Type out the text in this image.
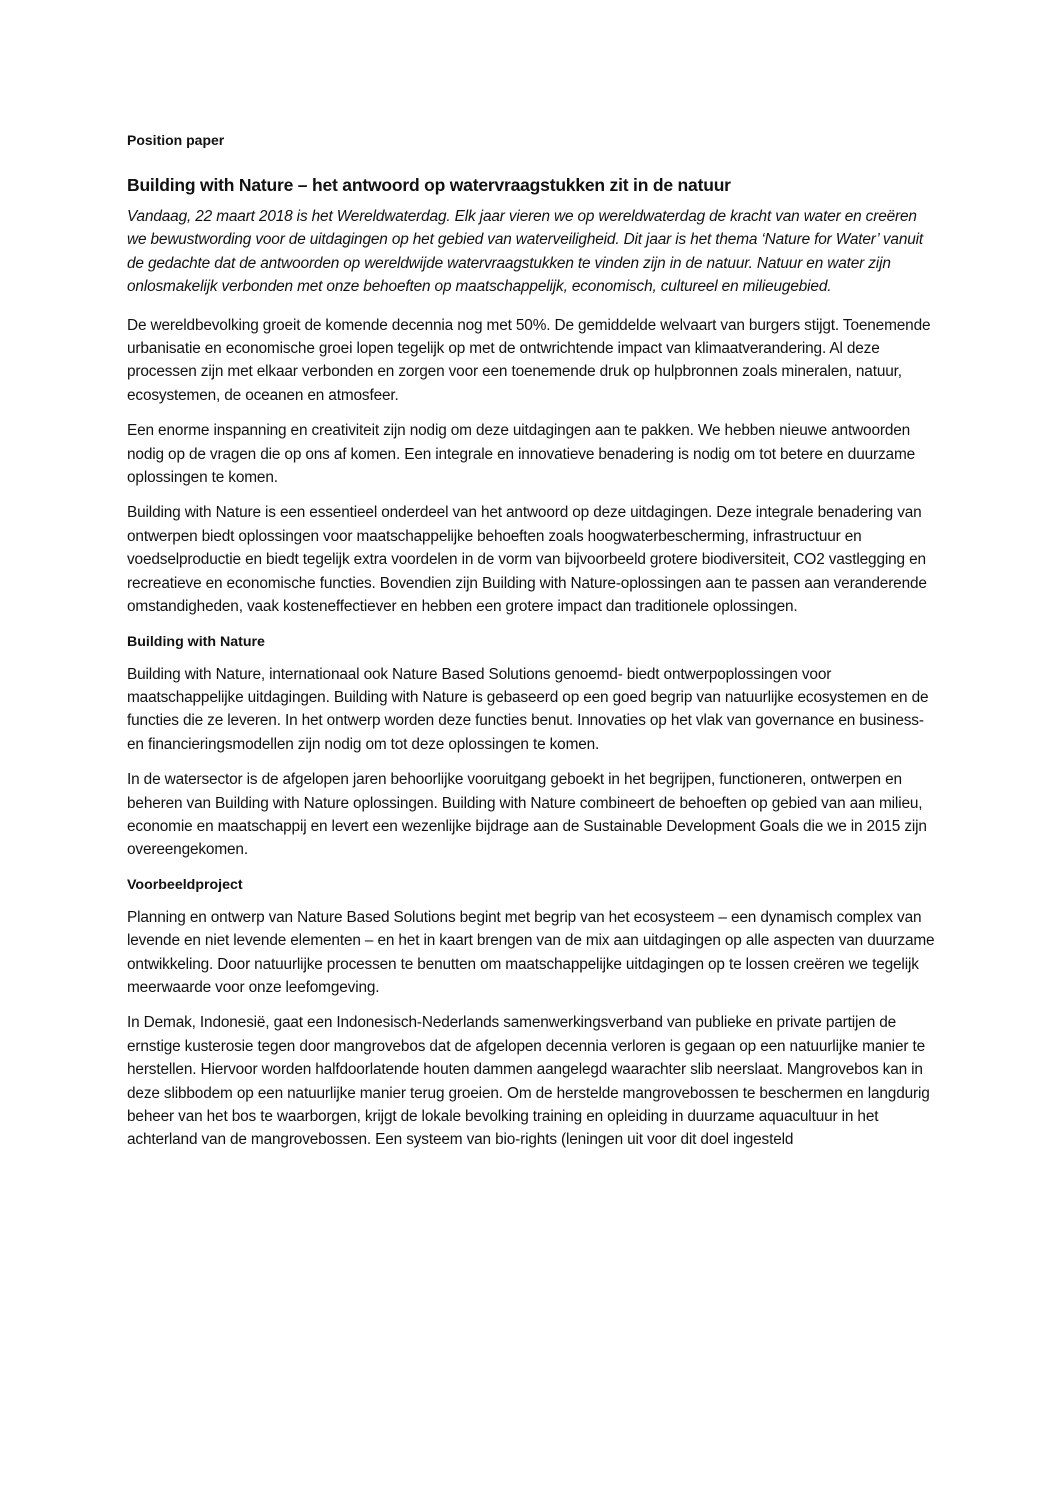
Position paper
Building with Nature – het antwoord op watervraagstukken zit in de natuur

Vandaag, 22 maart 2018 is het Wereldwaterdag. Elk jaar vieren we op wereldwaterdag de kracht van water en creëren we bewustwording voor de uitdagingen op het gebied van waterveiligheid. Dit jaar is het thema ‘Nature for Water’ vanuit de gedachte dat de antwoorden op wereldwijde watervraagstukken te vinden zijn in de natuur. Natuur en water zijn onlosmakelijk verbonden met onze behoeften op maatschappelijk, economisch, cultureel en milieugebied.

De wereldbevolking groeit de komende decennia nog met 50%. De gemiddelde welvaart van burgers stijgt. Toenemende urbanisatie en economische groei lopen tegelijk op met de ontwrichtende impact van klimaatverandering. Al deze processen zijn met elkaar verbonden en zorgen voor een toenemende druk op hulpbronnen zoals mineralen, natuur, ecosystemen, de oceanen en atmosfeer.

Een enorme inspanning en creativiteit zijn nodig om deze uitdagingen aan te pakken. We hebben nieuwe antwoorden nodig op de vragen die op ons af komen. Een integrale en innovatieve benadering is nodig om tot betere en duurzame oplossingen te komen.

Building with Nature is een essentieel onderdeel van het antwoord op deze uitdagingen. Deze integrale benadering van ontwerpen biedt oplossingen voor maatschappelijke behoeften zoals hoogwaterbescherming, infrastructuur en voedselproductie en biedt tegelijk extra voordelen in de vorm van bijvoorbeeld grotere biodiversiteit, CO2 vastlegging en recreatieve en economische functies. Bovendien zijn Building with Nature-oplossingen aan te passen aan veranderende omstandigheden, vaak kosteneffectiever en hebben een grotere impact dan traditionele oplossingen.

Building with Nature

Building with Nature, internationaal ook Nature Based Solutions genoemd- biedt ontwerpoplossingen voor maatschappelijke uitdagingen. Building with Nature is gebaseerd op een goed begrip van natuurlijke ecosystemen en de functies die ze leveren. In het ontwerp worden deze functies benut. Innovaties op het vlak van governance en business- en financieringsmodellen zijn nodig om tot deze oplossingen te komen.

In de watersector is de afgelopen jaren behoorlijke vooruitgang geboekt in het begrijpen, functioneren, ontwerpen en beheren van Building with Nature oplossingen. Building with Nature combineert de behoeften op gebied van aan milieu, economie en maatschappij en levert een wezenlijke bijdrage aan de Sustainable Development Goals die we in 2015 zijn overeengekomen.

Voorbeeldproject

Planning en ontwerp van Nature Based Solutions begint met begrip van het ecosysteem – een dynamisch complex van levende en niet levende elementen – en het in kaart brengen van de mix aan uitdagingen op alle aspecten van duurzame ontwikkeling. Door natuurlijke processen te benutten om maatschappelijke uitdagingen op te lossen creëren we tegelijk meerwaarde voor onze leefomgeving.

In Demak, Indonesië, gaat een Indonesisch-Nederlands samenwerkingsverband van publieke en private partijen de ernstige kusterosie tegen door mangrovebos dat de afgelopen decennia verloren is gegaan op een natuurlijke manier te herstellen. Hiervoor worden halfdoorlatende houten dammen aangelegd waarachter slib neerslaat. Mangrovebos kan in deze slibbodem op een natuurlijke manier terug groeien. Om de herstelde mangrovebossen te beschermen en langdurig beheer van het bos te waarborgen, krijgt de lokale bevolking training en opleiding in duurzame aquacultuur in het achterland van de mangrovebossen. Een systeem van bio-rights (leningen uit voor dit doel ingesteld
